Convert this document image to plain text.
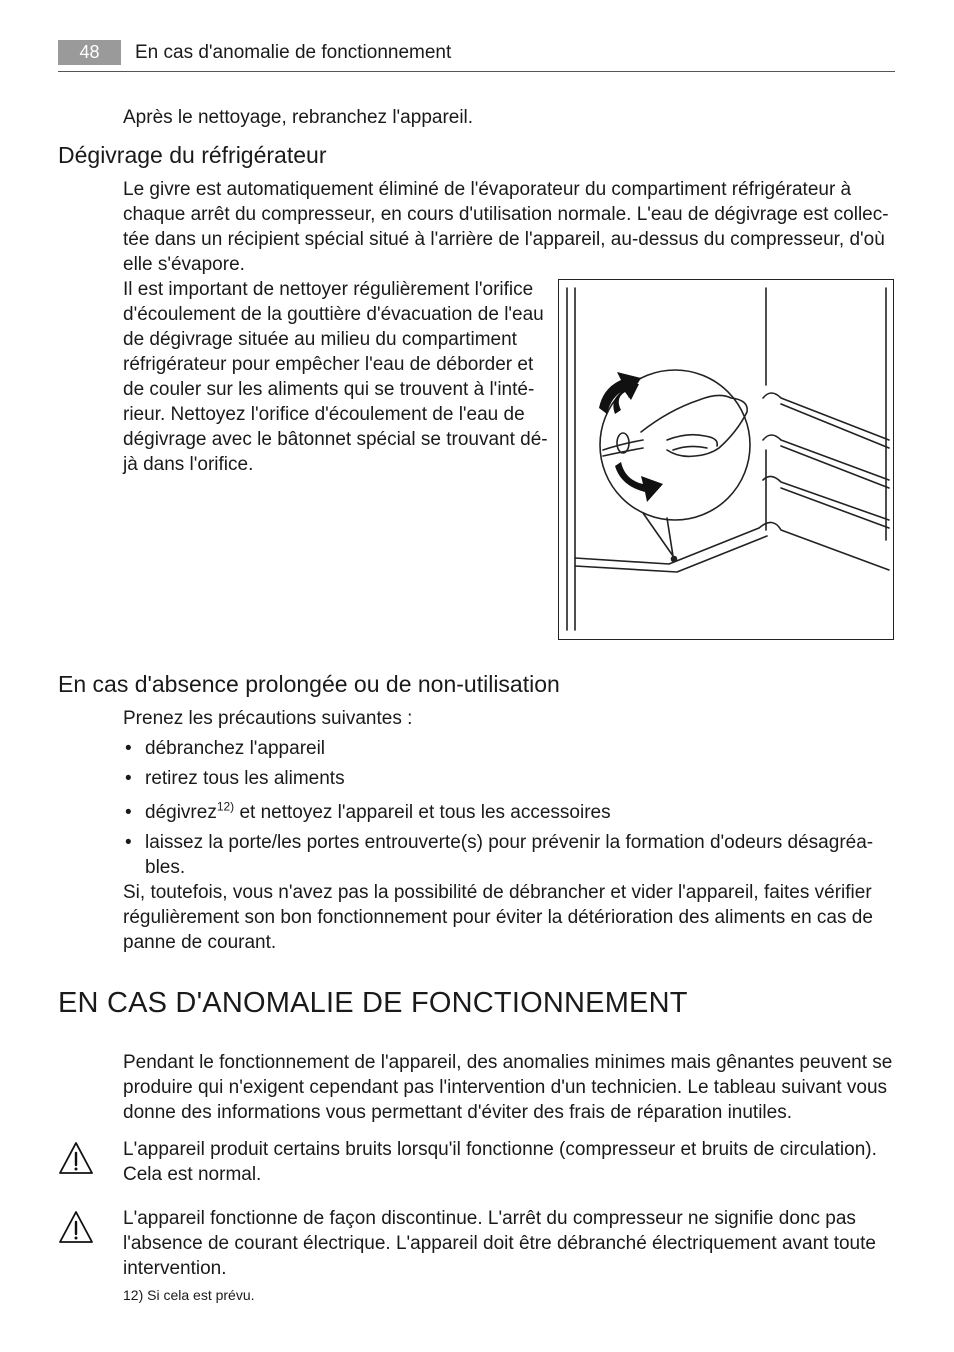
48	En cas d'anomalie de fonctionnement

Après le nettoyage, rebranchez l'appareil.

Dégivrage du réfrigérateur
Le givre est automatiquement éliminé de l'évaporateur du compartiment réfrigérateur à
chaque arrêt du compresseur, en cours d'utilisation normale. L'eau de dégivrage est collec-
tée dans un récipient spécial situé à l'arrière de l'appareil, au-dessus du compresseur, d'où
elle s'évapore.
Il est important de nettoyer régulièrement l'orifice
d'écoulement de la gouttière d'évacuation de l'eau
de dégivrage située au milieu du compartiment
réfrigérateur pour empêcher l'eau de déborder et
de couler sur les aliments qui se trouvent à l'inté-
rieur. Nettoyez l'orifice d'écoulement de l'eau de
dégivrage avec le bâtonnet spécial se trouvant dé-
jà dans l'orifice.
En cas d'absence prolongée ou de non-utilisation

Prenez les précautions suivantes :

• débranchez l'appareil
• retirez tous les aliments
• dégivrez$^{12)}$ et nettoyez l'appareil et tous les accessoires
• laissez la porte/les portes entrouverte(s) pour prévenir la formation d'odeurs désagréa-
bles.
Si, toutefois, vous n'avez pas la possibilité de débrancher et vider l'appareil, faites vérifier
régulièrement son bon fonctionnement pour éviter la détérioration des aliments en cas de
panne de courant.
EN CAS D'ANOMALIE DE FONCTIONNEMENT
Pendant le fonctionnement de l'appareil, des anomalies minimes mais gênantes peuvent se
produire qui n'exigent cependant pas l'intervention d'un technicien. Le tableau suivant vous
donne des informations vous permettant d'éviter des frais de réparation inutiles.
L'appareil produit certains bruits lorsqu'il fonctionne (compresseur et bruits de circulation).
Cela est normal.
L'appareil fonctionne de façon discontinue. L'arrêt du compresseur ne signifie donc pas
l'absence de courant électrique. L'appareil doit être débranché électriquement avant toute
intervention.

12) Si cela est prévu.
